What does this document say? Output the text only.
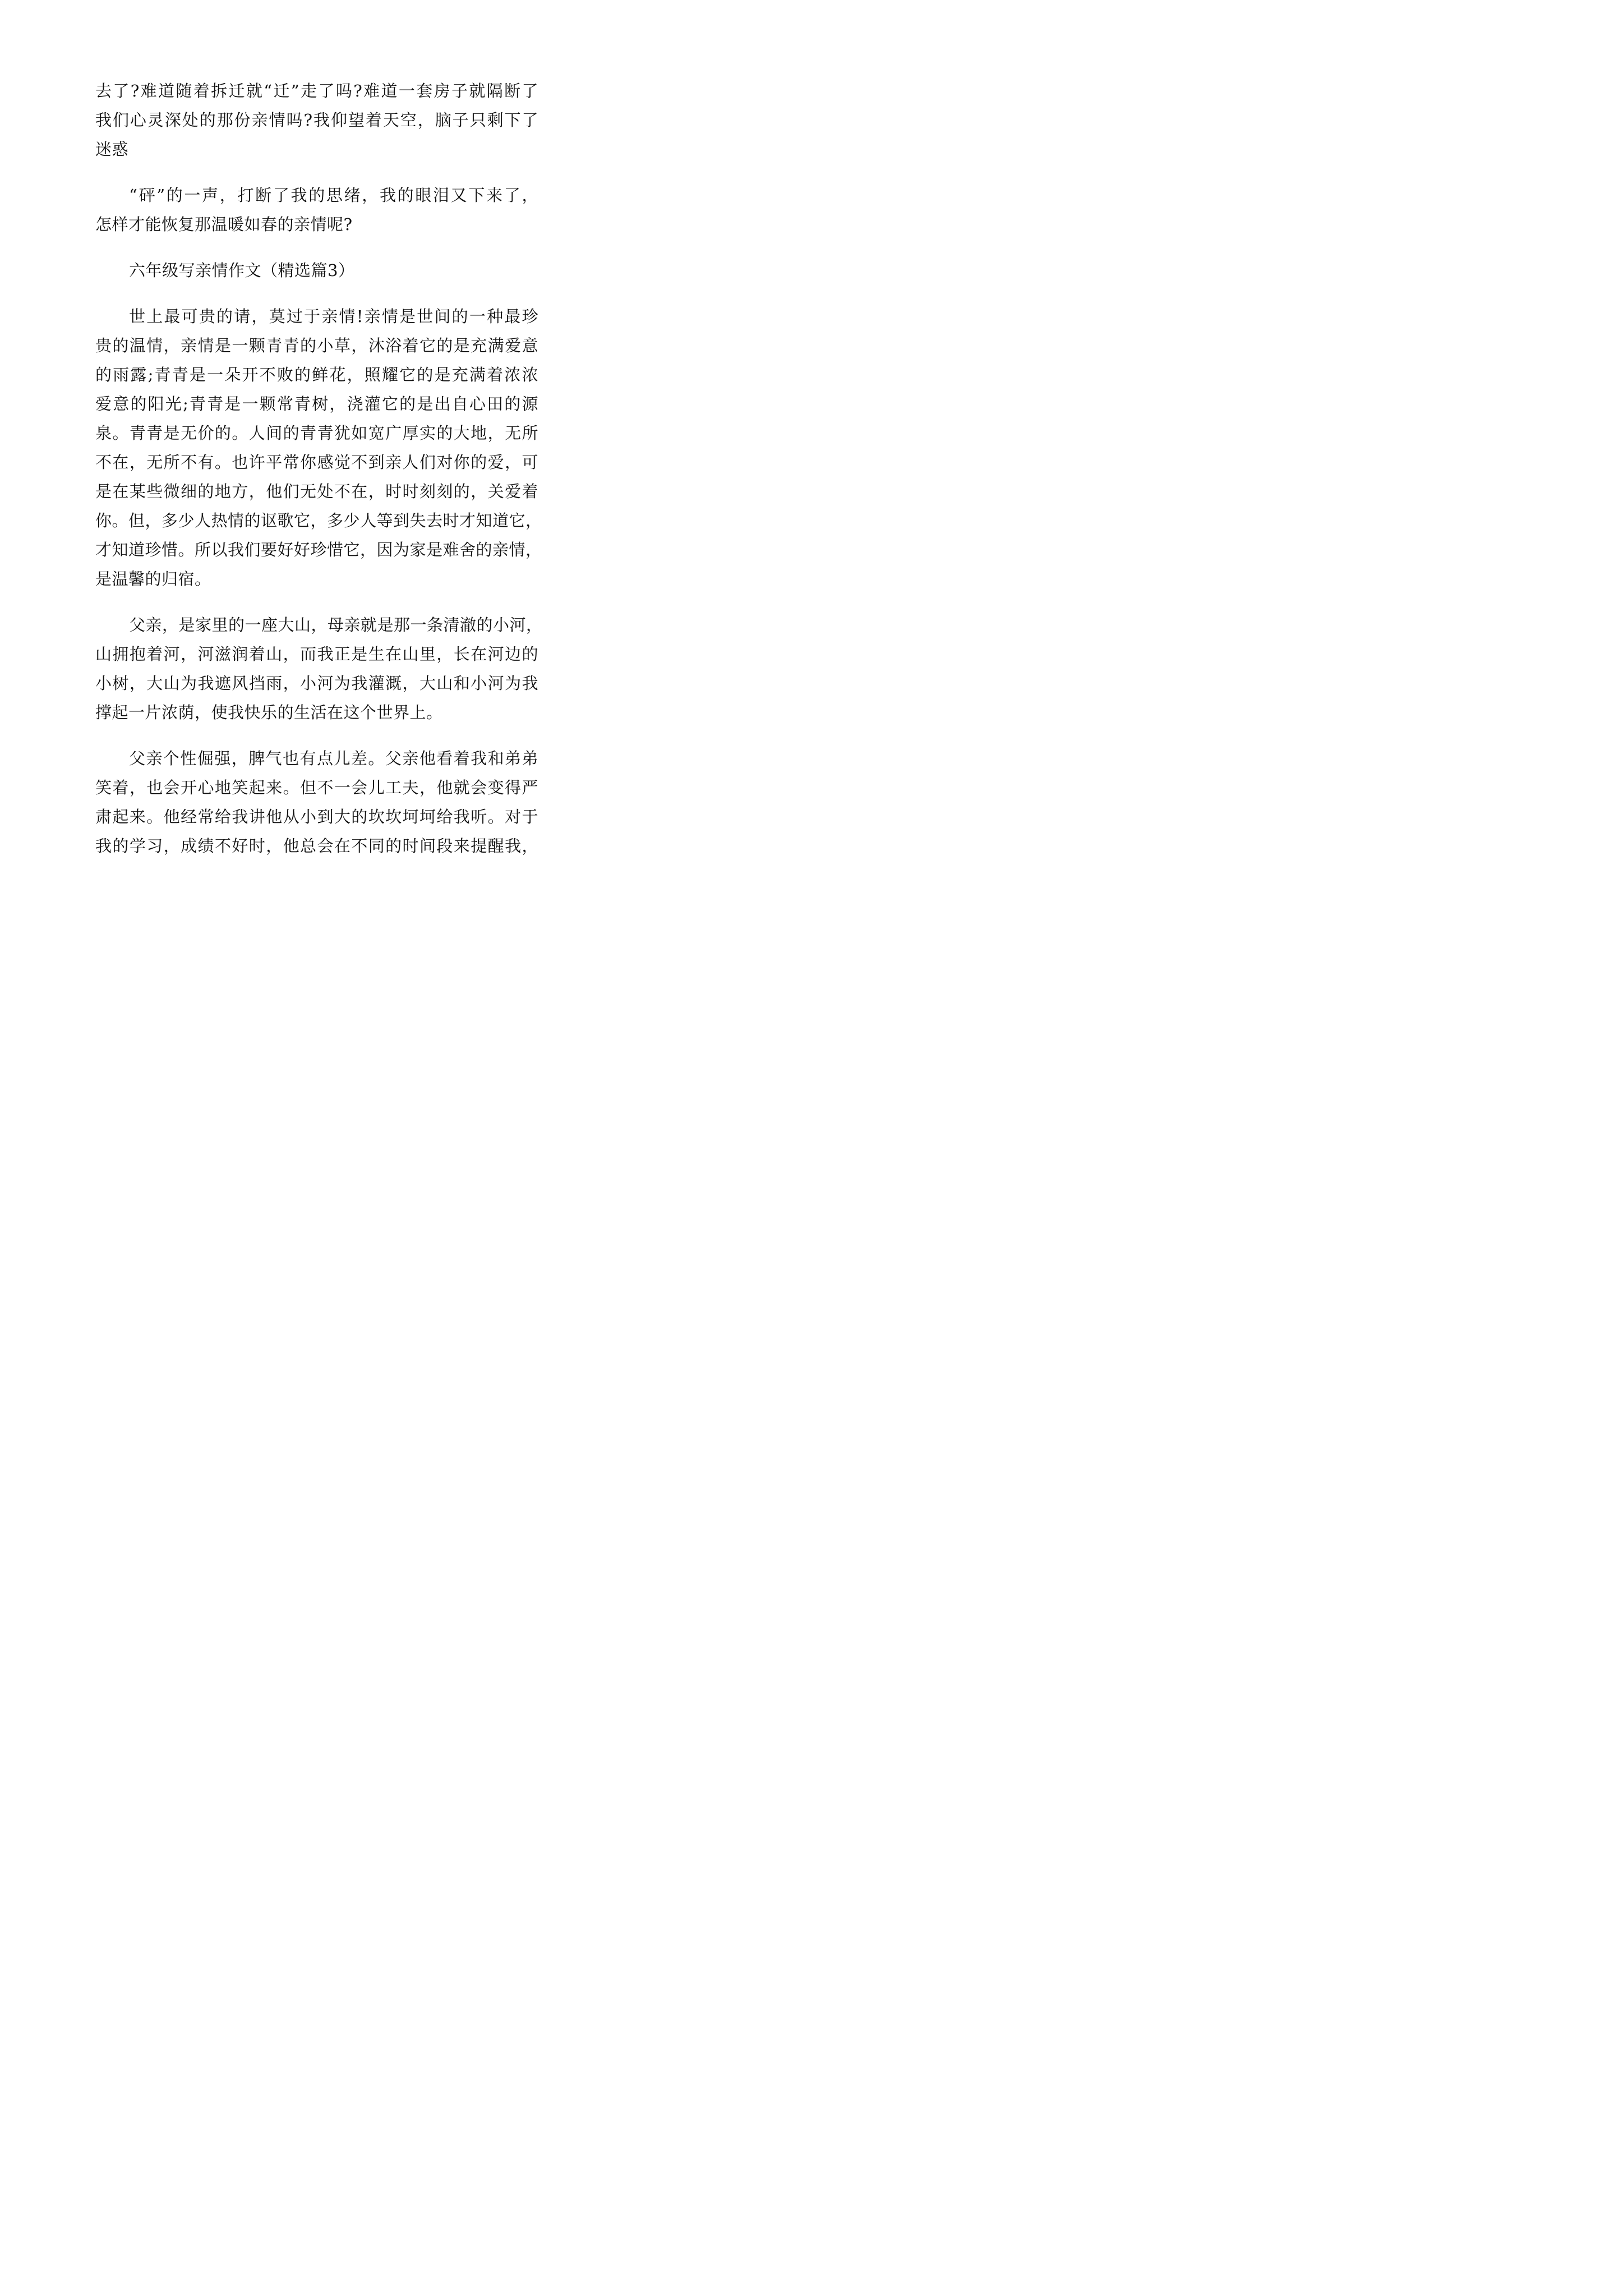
去了?难道随着拆迁就“迁”走了吗?难道一套房子就隔断了
我们心灵深处的那份亲情吗?我仰望着天空，脑子只剩下了
迷惑
“砰”的一声，打断了我的思绪，我的眼泪又下来了，
怎样才能恢复那温暖如春的亲情呢?
六年级写亲情作文（精选篇3）
世上最可贵的请，莫过于亲情!亲情是世间的一种最珍
贵的温情，亲情是一颗青青的小草，沐浴着它的是充满爱意
的雨露;青青是一朵开不败的鲜花，照耀它的是充满着浓浓
爱意的阳光;青青是一颗常青树，浇灌它的是出自心田的源
泉。青青是无价的。人间的青青犹如宽广厚实的大地，无所
不在，无所不有。也许平常你感觉不到亲人们对你的爱，可
是在某些微细的地方，他们无处不在，时时刻刻的，关爱着
你。但，多少人热情的讴歌它，多少人等到失去时才知道它，
才知道珍惜。所以我们要好好珍惜它，因为家是难舍的亲情，
是温馨的归宿。
父亲，是家里的一座大山，母亲就是那一条清澈的小河，
山拥抱着河，河滋润着山，而我正是生在山里，长在河边的
小树，大山为我遮风挡雨，小河为我灌溉，大山和小河为我
撑起一片浓荫，使我快乐的生活在这个世界上。
父亲个性倔强，脾气也有点儿差。父亲他看着我和弟弟
笑着，也会开心地笑起来。但不一会儿工夫，他就会变得严
肃起来。他经常给我讲他从小到大的坎坎坷坷给我听。对于
我的学习，成绩不好时，他总会在不同的时间段来提醒我，
